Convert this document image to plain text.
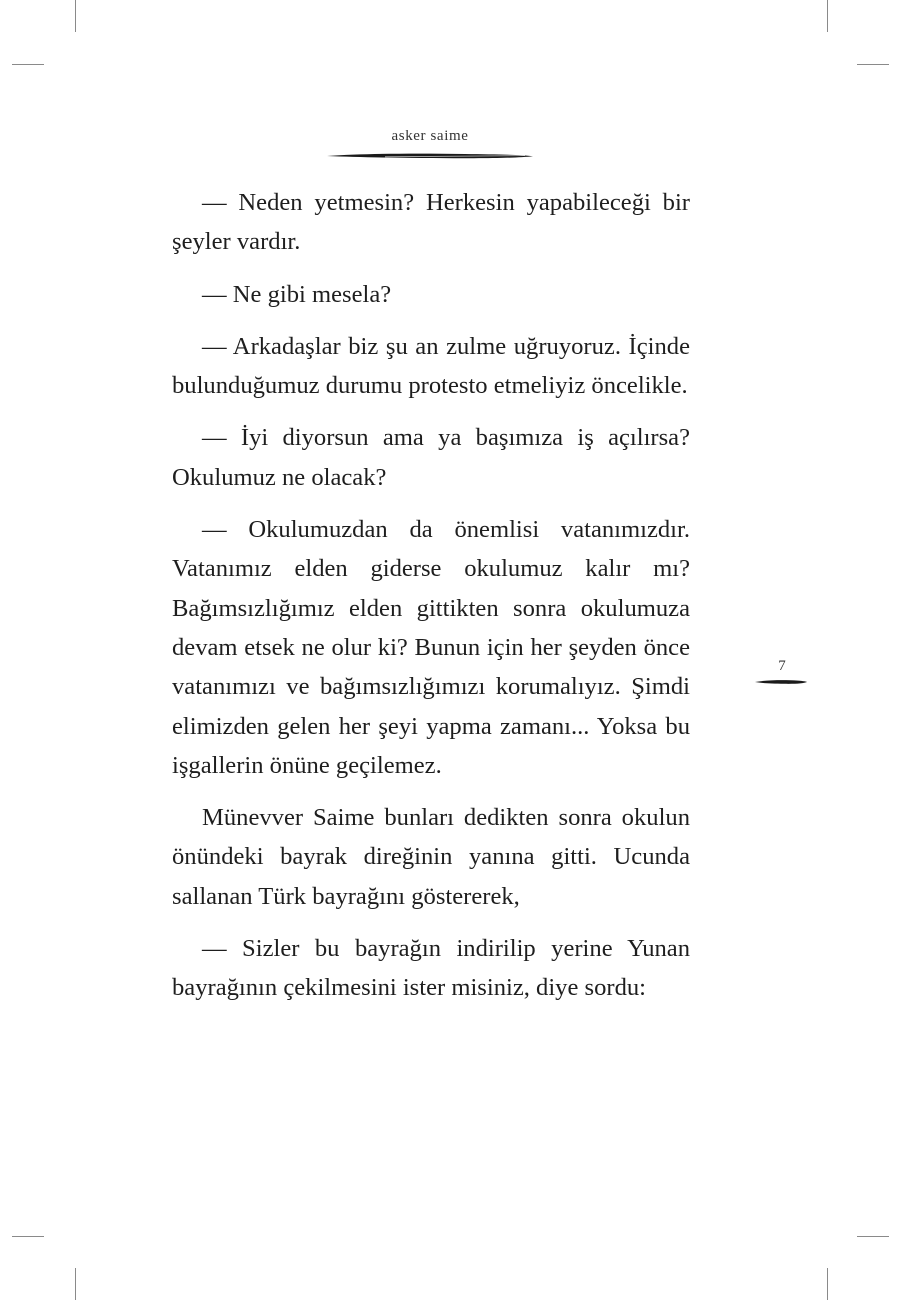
asker saime

— Neden yetmesin? Herkesin yapabileceği bir şeyler vardır.

— Ne gibi mesela?

— Arkadaşlar biz şu an zulme uğruyoruz. İçinde bulunduğumuz durumu protesto etmeliyiz öncelikle.

— İyi diyorsun ama ya başımıza iş açılırsa? Okulumuz ne olacak?

— Okulumuzdan da önemlisi vatanımızdır. Vatanımız elden giderse okulumuz kalır mı? Bağımsızlığımız elden gittikten sonra okulumuza devam etsek ne olur ki? Bunun için her şeyden önce vatanımızı ve bağımsızlığımızı korumalıyız. Şimdi elimizden gelen her şeyi yapma zamanı... Yoksa bu işgallerin önüne geçilemez.

Münevver Saime bunları dedikten sonra okulun önündeki bayrak direğinin yanına gitti. Ucunda sallanan Türk bayrağını göstererek,

— Sizler bu bayrağın indirilip yerine Yunan bayrağının çekilmesini ister misiniz, diye sordu:

7
